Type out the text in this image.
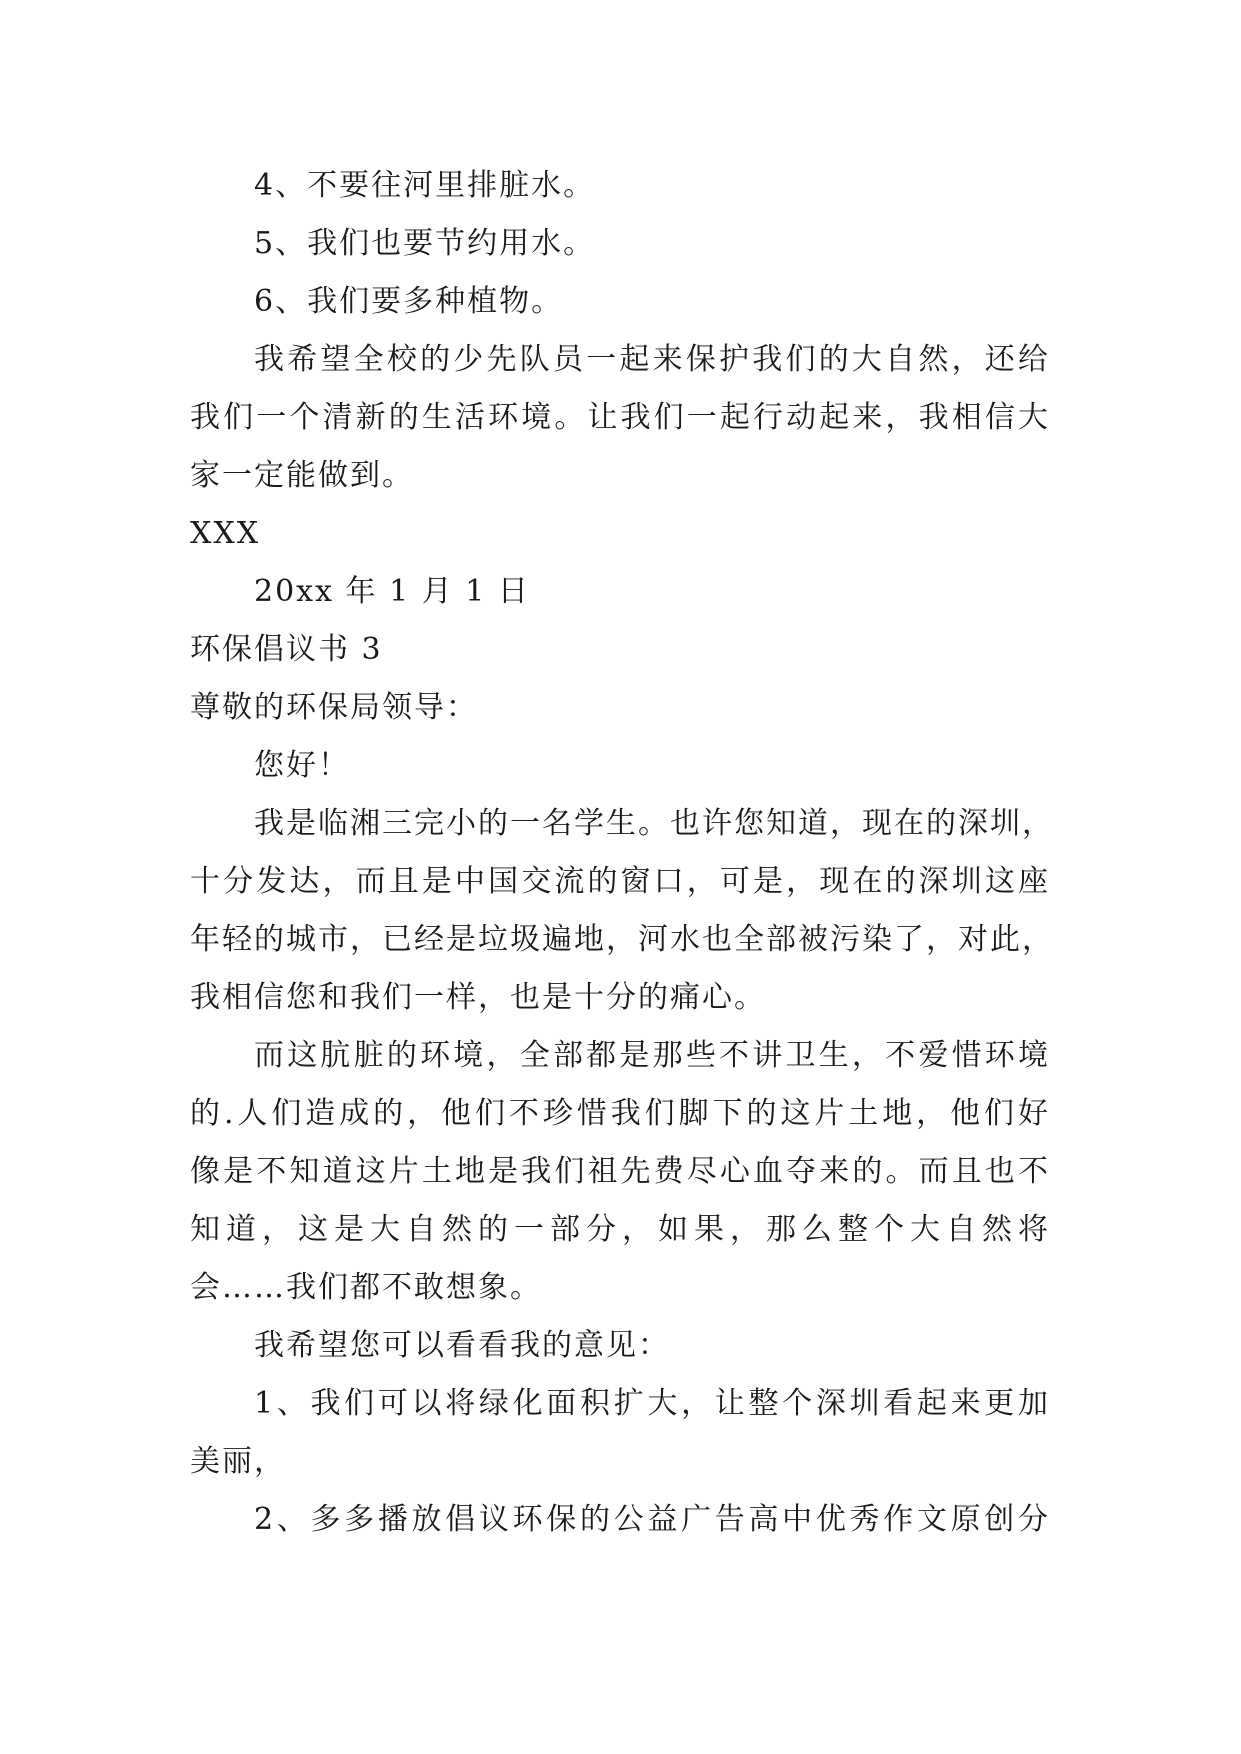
4、不要往河里排脏水。
5、我们也要节约用水。
6、我们要多种植物。
我希望全校的少先队员一起来保护我们的大自然，还给
我们一个清新的生活环境。让我们一起行动起来，我相信大
家一定能做到。
XXX
20xx 年 1 月 1 日
环保倡议书 3
尊敬的环保局领导：
您好！
我是临湘三完小的一名学生。也许您知道，现在的深圳，
十分发达，而且是中国交流的窗口，可是，现在的深圳这座
年轻的城市，已经是垃圾遍地，河水也全部被污染了，对此，
我相信您和我们一样，也是十分的痛心。
而这肮脏的环境，全部都是那些不讲卫生，不爱惜环境
的.人们造成的，他们不珍惜我们脚下的这片土地，他们好
像是不知道这片土地是我们祖先费尽心血夺来的。而且也不
知道，这是大自然的一部分，如果，那么整个大自然将
会……我们都不敢想象。
我希望您可以看看我的意见：
1、我们可以将绿化面积扩大，让整个深圳看起来更加
美丽，
2、多多播放倡议环保的公益广告高中优秀作文原创分
